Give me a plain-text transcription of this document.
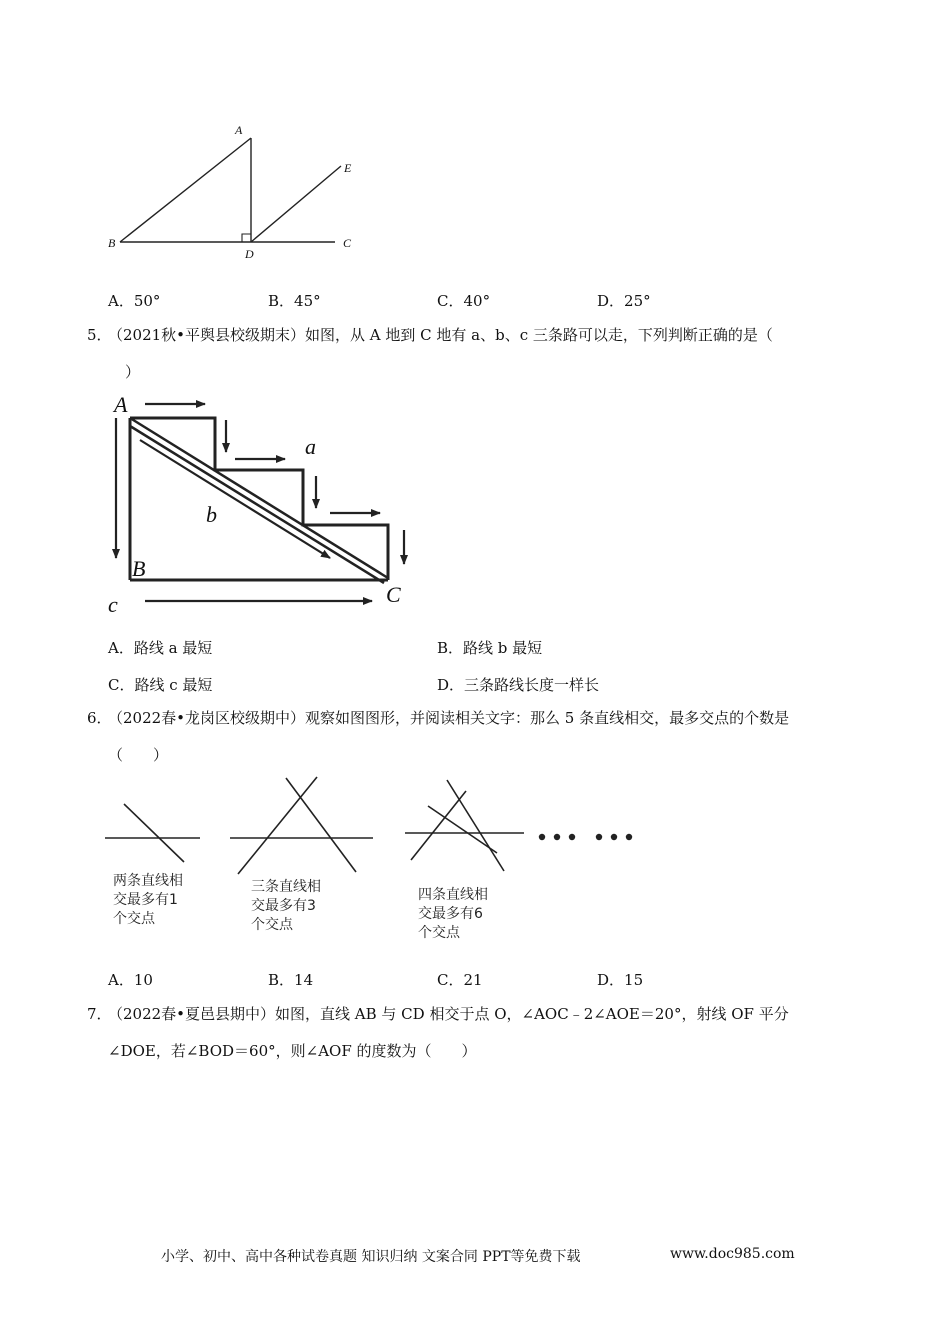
A
B	C
D
E
A．50°	B．45°	C．40°	D．25°
5．
（2021秋•平舆县校级期末）如图，从 A 地到 C 地有 a、b、c 三条路可以走，下列判断正确的是（
）
A
B
C
a
b
c
A．路线 a 最短	B．路线 b 最短
C．路线 c 最短	D．三条路线长度一样长
6．
（2022春•龙岗区校级期中）观察如图图形，并阅读相关文字：那么 5 条直线相交，最多交点的个数是
（　　）
两条直线相
交最多有1
个交点
三条直线相
交最多有3
个交点
四条直线相
交最多有6
个交点
A．10	B．14	C．21	D．15
7．
（2022春•夏邑县期中）如图，直线 AB 与 CD 相交于点 O，∠AOC﹣2∠AOE＝20°，射线 OF 平分
∠DOE，若∠BOD＝60°，则∠AOF 的度数为（　　）
小学、初中、高中各种试卷真题 知识归纳 文案合同 PPT等免费下载	www.doc985.com
